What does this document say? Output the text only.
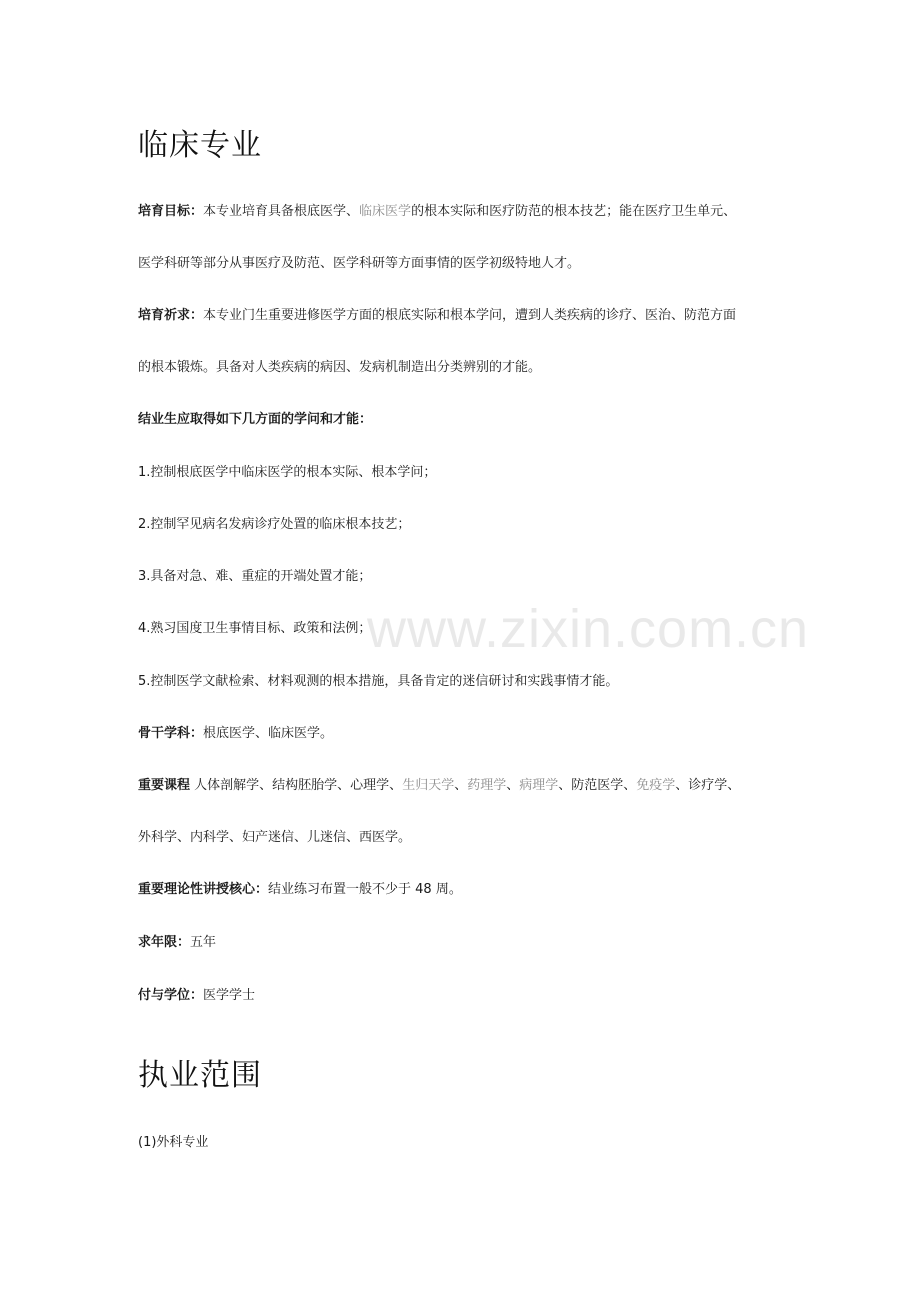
www.zixin.com.cn
临床专业

培育目标：本专业培育具备根底医学、临床医学的根本实际和医疗防范的根本技艺；能在医疗卫生单元、

医学科研等部分从事医疗及防范、医学科研等方面事情的医学初级特地人才。

培育祈求：本专业门生重要进修医学方面的根底实际和根本学问，遭到人类疾病的诊疗、医治、防范方面

的根本锻炼。具备对人类疾病的病因、发病机制造出分类辨别的才能。

结业生应取得如下几方面的学问和才能：

1.控制根底医学中临床医学的根本实际、根本学问；

2.控制罕见病名发病诊疗处置的临床根本技艺；

3.具备对急、难、重症的开端处置才能；

4.熟习国度卫生事情目标、政策和法例；

5.控制医学文献检索、材料观测的根本措施，具备肯定的迷信研讨和实践事情才能。

骨干学科：根底医学、临床医学。

重要课程 人体剖解学、结构胚胎学、心理学、生归天学、药理学、病理学、防范医学、免疫学、诊疗学、

外科学、内科学、妇产迷信、儿迷信、西医学。

重要理论性讲授核心：结业练习布置一般不少于 48 周。

求年限：五年

付与学位：医学学士

执业范围

(1)外科专业
